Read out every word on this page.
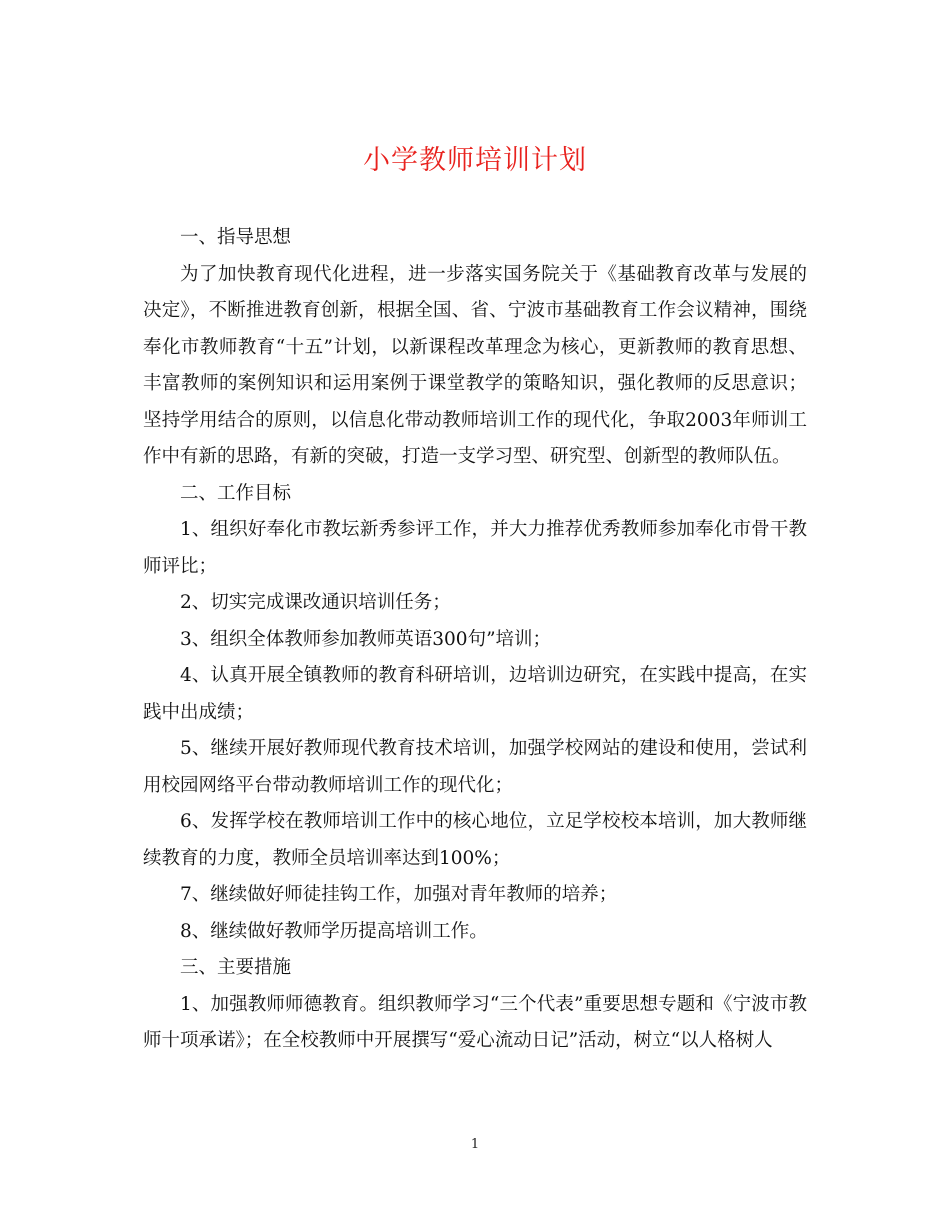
小学教师培训计划

一、指导思想

为了加快教育现代化进程，进一步落实国务院关于《基础教育改革与发展的决定》，不断推进教育创新，根据全国、省、宁波市基础教育工作会议精神，围绕奉化市教师教育“十五”计划，以新课程改革理念为核心，更新教师的教育思想、丰富教师的案例知识和运用案例于课堂教学的策略知识，强化教师的反思意识；坚持学用结合的原则，以信息化带动教师培训工作的现代化，争取2003年师训工作中有新的思路，有新的突破，打造一支学习型、研究型、创新型的教师队伍。

二、工作目标

1、组织好奉化市教坛新秀参评工作，并大力推荐优秀教师参加奉化市骨干教师评比；

2、切实完成课改通识培训任务；

3、组织全体教师参加教师英语300句”培训；

4、认真开展全镇教师的教育科研培训，边培训边研究，在实践中提高，在实践中出成绩；

5、继续开展好教师现代教育技术培训，加强学校网站的建设和使用，尝试利用校园网络平台带动教师培训工作的现代化；

6、发挥学校在教师培训工作中的核心地位，立足学校校本培训，加大教师继续教育的力度，教师全员培训率达到100%；

7、继续做好师徒挂钩工作，加强对青年教师的培养；

8、继续做好教师学历提高培训工作。

三、主要措施

1、加强教师师德教育。组织教师学习“三个代表”重要思想专题和《宁波市教师十项承诺》；在全校教师中开展撰写“爱心流动日记”活动，树立“以人格树人

1
